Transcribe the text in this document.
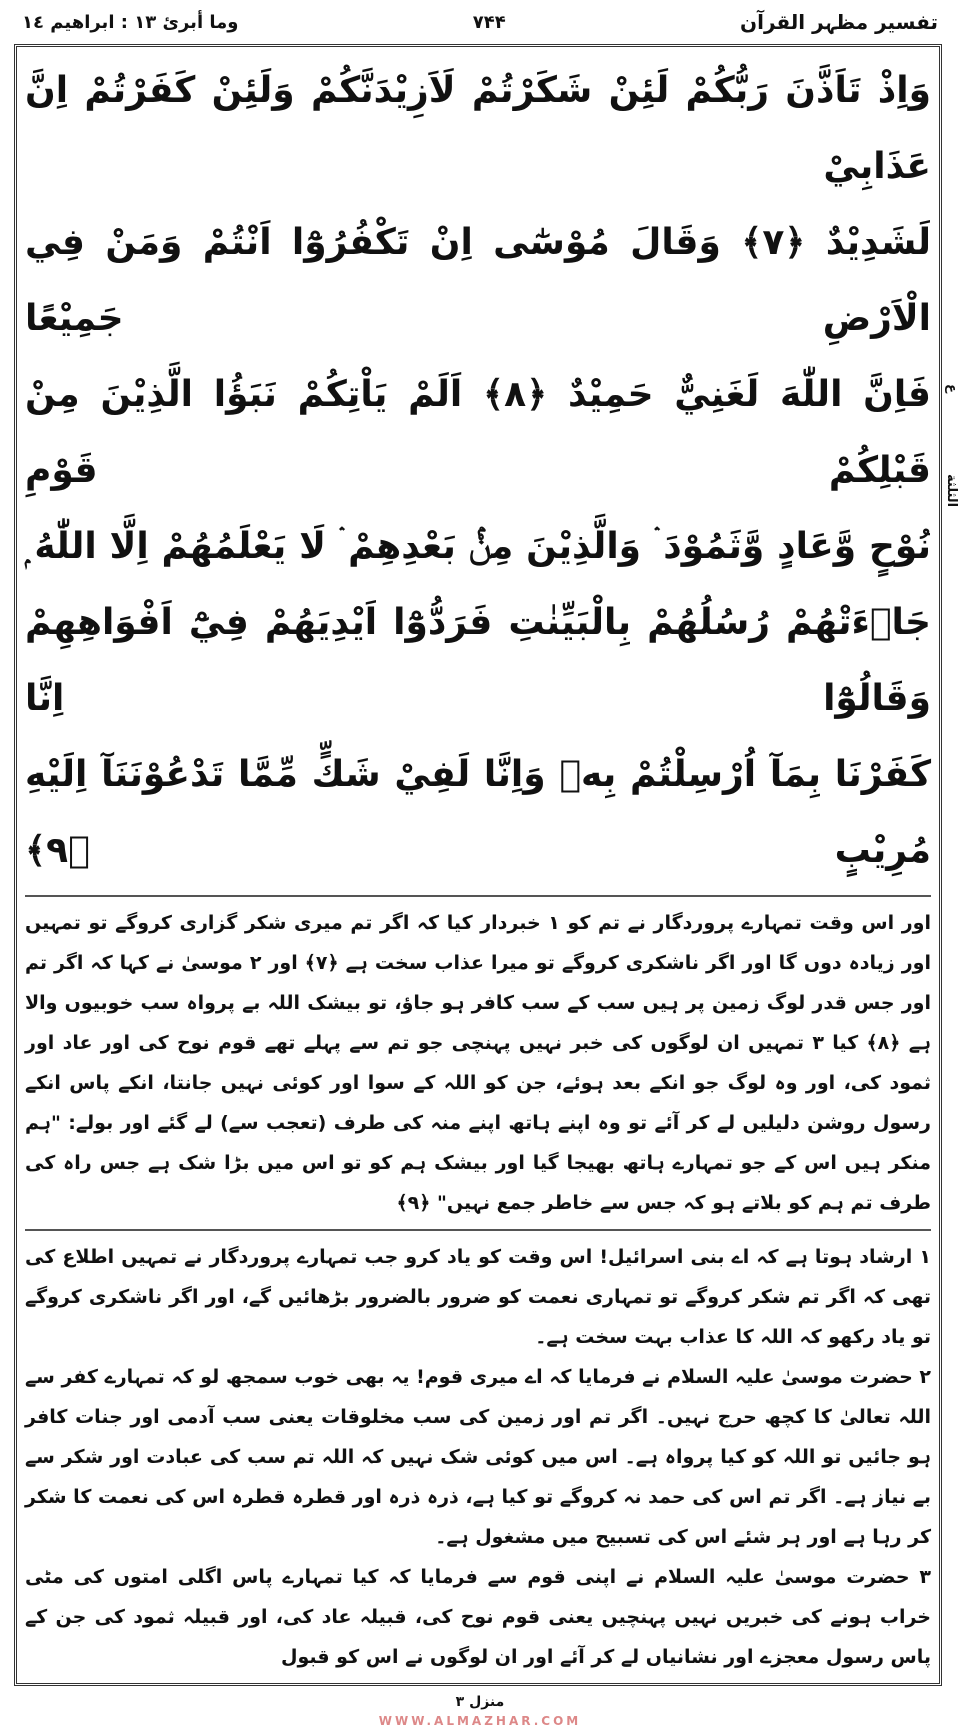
وما أبرئ ١٣ : ابراهيم ١٤	۷۴۴	تفسیر مظہر القرآن
وَاِذْ تَاَذَّنَ رَبُّكُمْ لَئِنْ شَكَرْتُمْ لَاَزِيْدَنَّكُمْ وَلَئِنْ كَفَرْتُمْ اِنَّ عَذَابِيْ
لَشَدِيْدٌ ﴿٧﴾ وَقَالَ مُوْسٰٓى اِنْ تَكْفُرُوْٓا اَنْتُمْ وَمَنْ فِي الْاَرْضِ جَمِيْعًا
فَاِنَّ اللّٰهَ لَغَنِيٌّ حَمِيْدٌ ﴿٨﴾ اَلَمْ يَاْتِكُمْ نَبَؤُا الَّذِيْنَ مِنْ قَبْلِكُمْ قَوْمِ
نُوْحٍ وَّعَادٍ وَّثَمُوْدَ ۛ وَالَّذِيْنَ مِنْۢ بَعْدِهِمْ ۛ لَا يَعْلَمُهُمْ اِلَّا اللّٰهُ ۭ
جَاۗءَتْهُمْ رُسُلُهُمْ بِالْبَيِّنٰتِ فَرَدُّوْٓا اَيْدِيَهُمْ فِيْٓ اَفْوَاهِهِمْ وَقَالُوْٓا اِنَّا
كَفَرْنَا بِمَآ اُرْسِلْتُمْ بِهٖ وَاِنَّا لَفِيْ شَكٍّ مِّمَّا تَدْعُوْنَنَآ اِلَيْهِ مُرِيْبٍ ﴿٩﴾

اور اس وقت تمہارے پروردگار نے تم کو ۱ خبردار کیا کہ اگر تم میری شکر گزاری کروگے تو تمہیں اور زیادہ دوں گا اور اگر ناشکری کروگے تو میرا عذاب سخت ہے ﴿٧﴾ اور ۲ موسیٰ نے کہا کہ اگر تم اور جس قدر لوگ زمین پر ہیں سب کے سب کافر ہو جاؤ، تو بیشک اللہ بے پرواہ سب خوبیوں والا ہے ﴿٨﴾ کیا ۳ تمہیں ان لوگوں کی خبر نہیں پہنچی جو تم سے پہلے تھے قوم نوح کی اور عاد اور ثمود کی، اور وہ لوگ جو انکے بعد ہوئے، جن کو اللہ کے سوا اور کوئی نہیں جانتا، انکے پاس انکے رسول روشن دلیلیں لے کر آئے تو وہ اپنے ہاتھ اپنے منہ کی طرف (تعجب سے) لے گئے اور بولے: "ہم منکر ہیں اس کے جو تمہارے ہاتھ بھیجا گیا اور بیشک ہم کو تو اس میں بڑا شک ہے جس راہ کی طرف تم ہم کو بلاتے ہو کہ جس سے خاطر جمع نہیں" ﴿٩﴾

۱ ارشاد ہوتا ہے کہ اے بنی اسرائیل! اس وقت کو یاد کرو جب تمہارے پروردگار نے تمہیں اطلاع کی تھی کہ اگر تم شکر کروگے تو تمہاری نعمت کو ضرور بالضرور بڑھائیں گے، اور اگر ناشکری کروگے تو یاد رکھو کہ اللہ کا عذاب بہت سخت ہے۔

۲ حضرت موسیٰ علیہ السلام نے فرمایا کہ اے میری قوم! یہ بھی خوب سمجھ لو کہ تمہارے کفر سے اللہ تعالیٰ کا کچھ حرج نہیں۔ اگر تم اور زمین کی سب مخلوقات یعنی سب آدمی اور جنات کافر ہو جائیں تو اللہ کو کیا پرواہ ہے۔ اس میں کوئی شک نہیں کہ اللہ تم سب کی عبادت اور شکر سے بے نیاز ہے۔ اگر تم اس کی حمد نہ کروگے تو کیا ہے، ذرہ ذرہ اور قطرہ قطرہ اس کی نعمت کا شکر کر رہا ہے اور ہر شئے اس کی تسبیح میں مشغول ہے۔

۳ حضرت موسیٰ علیہ السلام نے اپنی قوم سے فرمایا کہ کیا تمہارے پاس اگلی امتوں کی مٹی خراب ہونے کی خبریں نہیں پہنچیں یعنی قوم نوح کی، قبیلہ عاد کی، اور قبیلہ ثمود کی جن کے پاس رسول معجزے اور نشانیاں لے کر آئے اور ان لوگوں نے اس کو قبول

ع
الثلثة
منزل ۳
WWW.ALMAZHAR.COM
